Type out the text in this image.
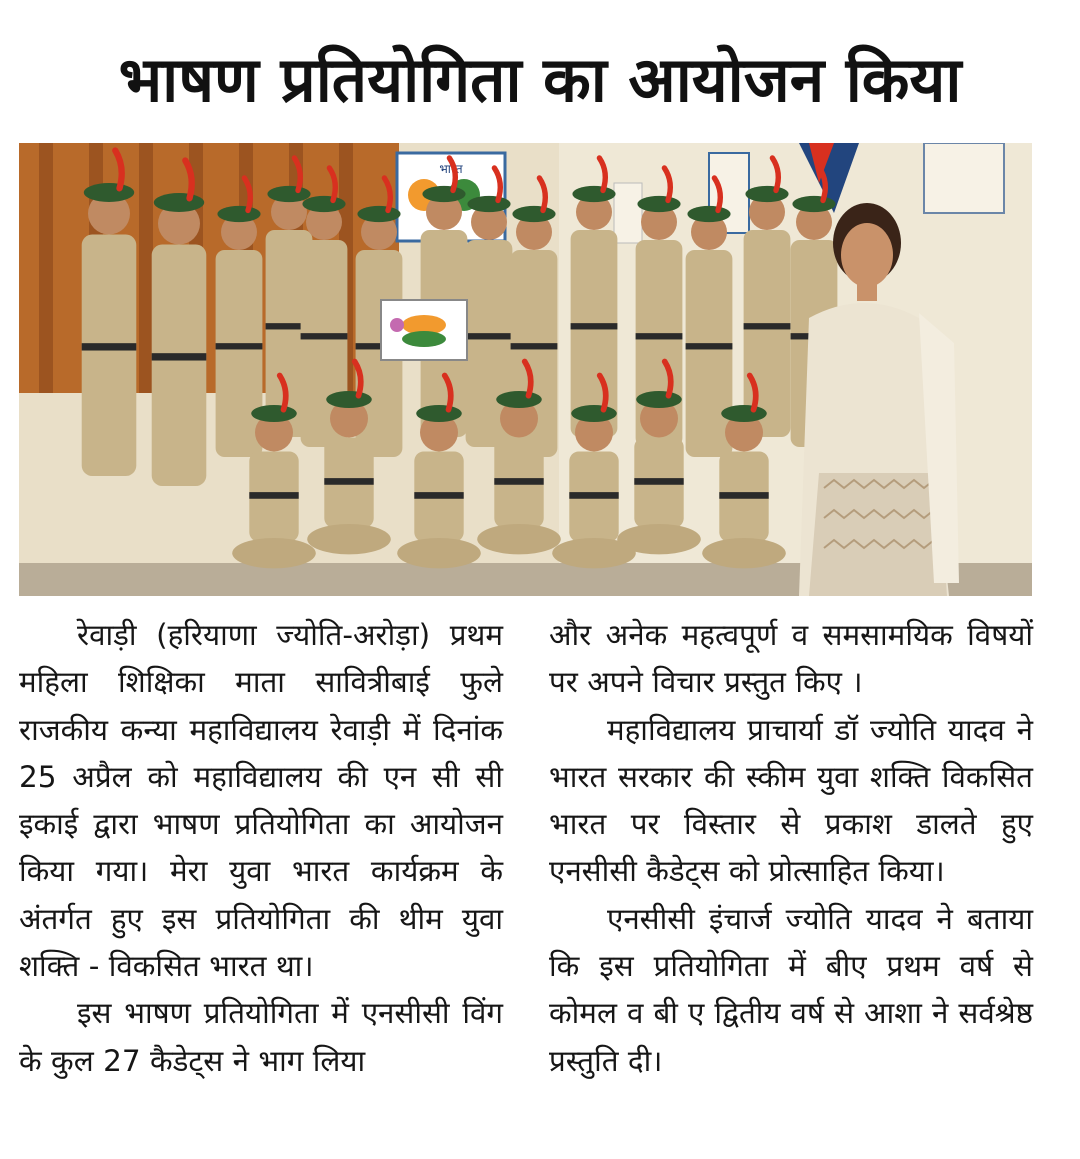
भाषण प्रतियोगिता का आयोजन किया
भारत

रेवाड़ी (हरियाणा ज्योति-अरोड़ा) प्रथम महिला शिक्षिका माता सावित्रीबाई फुले राजकीय कन्या महाविद्यालय रेवाड़ी में दिनांक 25 अप्रैल को महाविद्यालय की एन सी सी इकाई द्वारा भाषण प्रतियोगिता का आयोजन किया गया। मेरा युवा भारत कार्यक्रम के अंतर्गत हुए इस प्रतियोगिता की थीम युवा शक्ति - विकसित भारत था।

इस भाषण प्रतियोगिता में एनसीसी विंग के कुल 27 कैडेट्स ने भाग लिया

और अनेक महत्वपूर्ण व समसामयिक विषयों पर अपने विचार प्रस्तुत किए ।

महाविद्यालय प्राचार्या डॉ ज्योति यादव ने भारत सरकार की स्कीम युवा शक्ति विकसित भारत पर विस्तार से प्रकाश डालते हुए एनसीसी कैडेट्स को प्रोत्साहित किया।

एनसीसी इंचार्ज ज्योति यादव ने बताया कि इस प्रतियोगिता में बीए प्रथम वर्ष से कोमल व बी ए द्वितीय वर्ष से आशा ने सर्वश्रेष्ठ प्रस्तुति दी।
